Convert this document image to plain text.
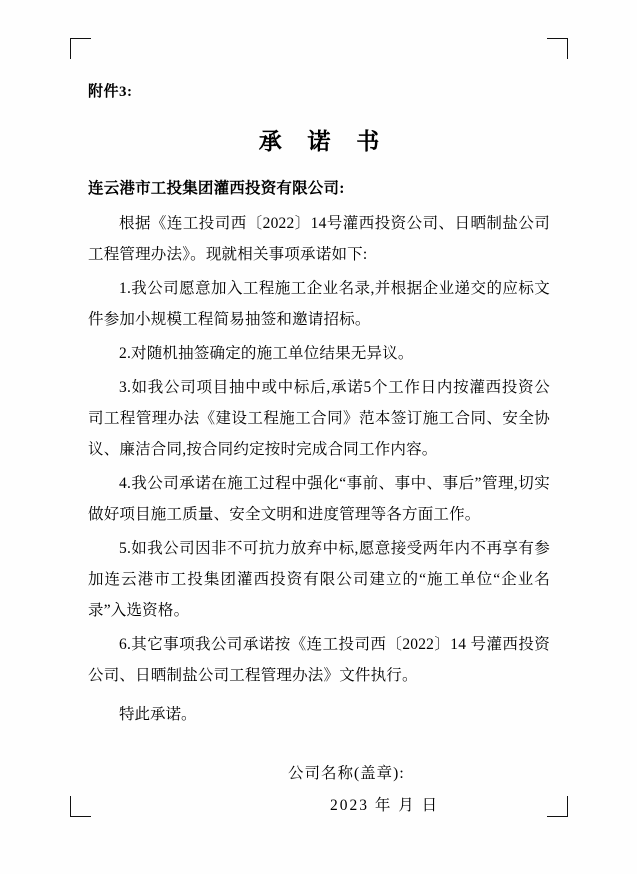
附件3:

承 诺 书

连云港市工投集团灌西投资有限公司:

根据《连工投司西〔2022〕14号灌西投资公司、日晒制盐公司工程管理办法》。现就相关事项承诺如下:

1.我公司愿意加入工程施工企业名录,并根据企业递交的应标文件参加小规模工程简易抽签和邀请招标。

2.对随机抽签确定的施工单位结果无异议。

3.如我公司项目抽中或中标后,承诺5个工作日内按灌西投资公司工程管理办法《建设工程施工合同》范本签订施工合同、安全协议、廉洁合同,按合同约定按时完成合同工作内容。

4.我公司承诺在施工过程中强化“事前、事中、事后”管理,切实做好项目施工质量、安全文明和进度管理等各方面工作。

5.如我公司因非不可抗力放弃中标,愿意接受两年内不再享有参加连云港市工投集团灌西投资有限公司建立的“施工单位“企业名录”入选资格。

6.其它事项我公司承诺按《连工投司西〔2022〕14 号灌西投资公司、日晒制盐公司工程管理办法》文件执行。

特此承诺。

公司名称(盖章):
2023 年 月 日
